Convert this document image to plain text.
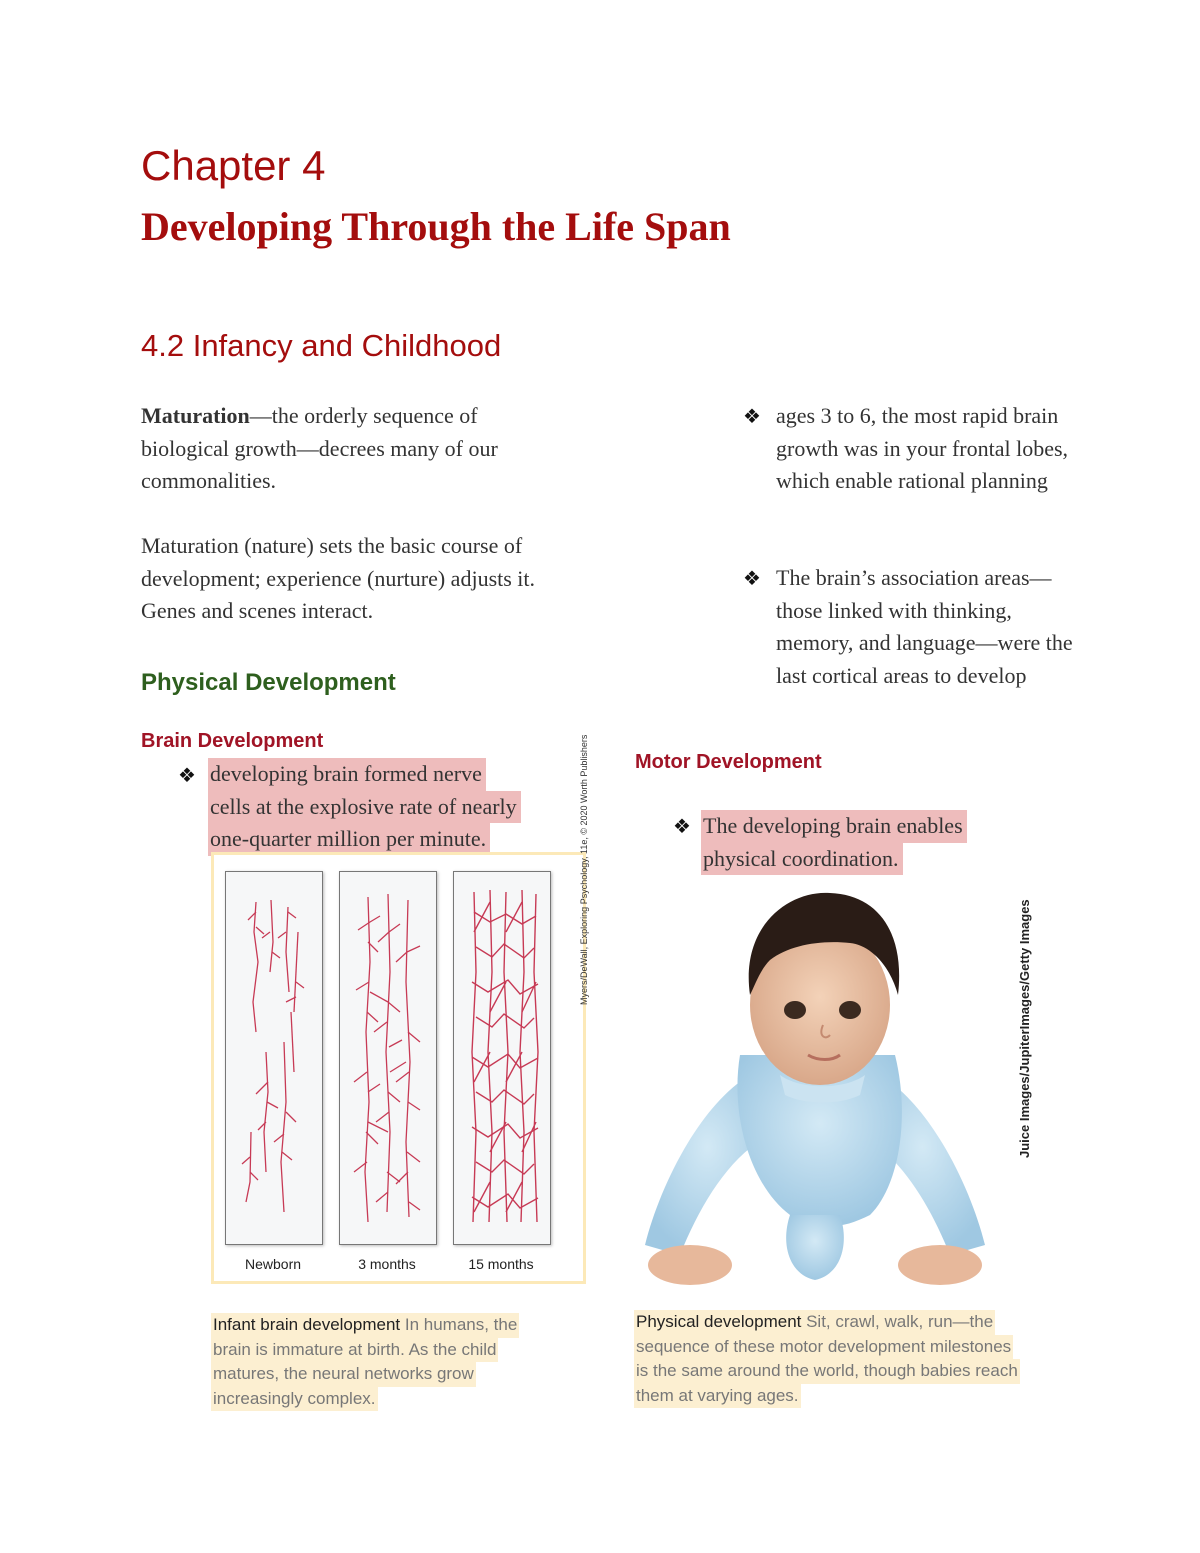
Chapter 4
Developing Through the Life Span
4.2 Infancy and Childhood
Maturation—the orderly sequence of biological growth—decrees many of our commonalities.
Maturation (nature) sets the basic course of development; experience (nurture) adjusts it. Genes and scenes interact.
Physical Development
Brain Development
❖ developing brain formed nerve
cells at the explosive rate of nearly
one-quarter million per minute.
Newborn	3 months	15 months
Myers/DeWall, Exploring Psychology, 11e, © 2020 Worth Publishers
Infant brain development In humans, the
brain is immature at birth. As the child
matures, the neural networks grow
increasingly complex.
❖ ages 3 to 6, the most rapid brain growth was in your frontal lobes, which enable rational planning
❖ The brain’s association areas—those linked with thinking, memory, and language—were the last cortical areas to develop
Motor Development
❖ The developing brain enables
physical coordination.
Juice Images/JupiterImages/Getty Images
Physical development Sit, crawl, walk, run—the
sequence of these motor development milestones
is the same around the world, though babies reach
them at varying ages.
